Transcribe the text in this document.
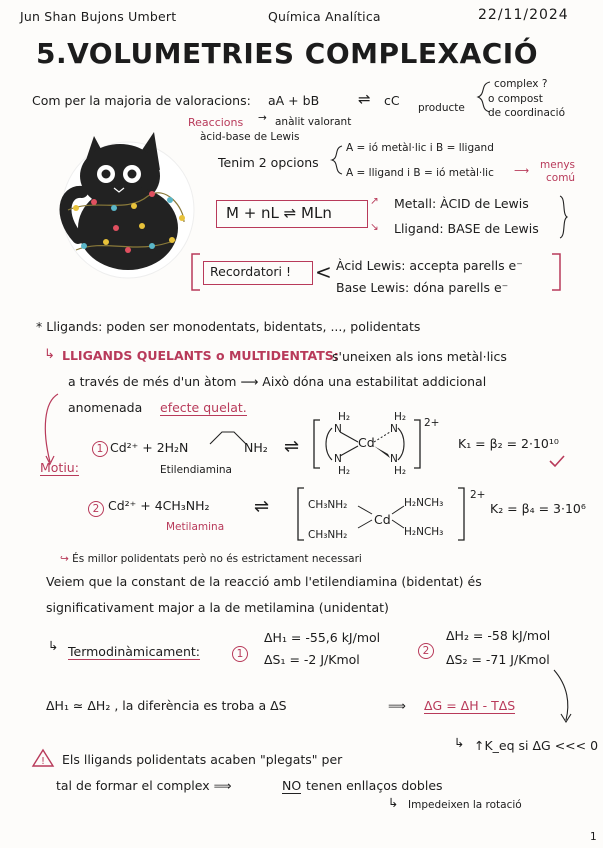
Jun Shan Bujons Umbert	Química Analítica	22/11/2024
5.VOLUMETRIES COMPLEXACIÓ
Com per la majoria de valoracions: aA + bB	⇌ cC producte
complex ?
o compost
de coordinació
Reaccions
àcid-base de Lewis
→ anàlit valorant
Tenim 2 opcions
A = ió metàl·lic i B = lligand
A = lligand i B = ió metàl·lic ⟶ menys
comú
M + nL ⇌ MLn
↗ Metall: ÀCID de Lewis
↘ Lligand: BASE de Lewis
Recordatori ! < Àcid Lewis: accepta parells e⁻
Base Lewis: dóna parells e⁻
* Lligands: poden ser monodentats, bidentats, ..., polidentats
↳ LLIGANDS QUELANTS o MULTIDENTATS:
s'uneixen als ions metàl·lics
a través de més d'un àtom ⟶ Això dóna una estabilitat addicional
anomenada efecte quelat.
Motiu:
1 Cd²⁺ + 2H₂N	NH₂
Etilendiamina
⇌
H₂
N
Cd
N
H₂
H₂
N	N
H₂
2+
K₁ = β₂ = 2·10¹⁰
2 Cd²⁺ + 4CH₃NH₂
Metilamina
⇌	CH₃NH₂
CH₃NH₂
H₂NCH₃
H₂NCH₃
Cd
2+
K₂ = β₄ = 3·10⁶
↪ És millor polidentats però no és estrictament necessari
Veiem que la constant de la reacció amb l'etilendiamina (bidentat) és
significativament major a la de metilamina (unidentat)
↳ Termodinàmicament:	1
ΔH₁ = -55,6 kJ/mol
ΔS₁ = -2 J/Kmol
2
ΔH₂ = -58 kJ/mol
ΔS₂ = -71 J/Kmol
ΔH₁ ≃ ΔH₂ , la diferència es troba a ΔS	⟹ ΔG = ΔH - TΔS
↳ ↑K_eq si ΔG <<< 0
! Els lligands polidentats acaben "plegats" per
tal de formar el complex ⟹	NO tenen enllaços dobles
↳ Impedeixen la rotació
1
